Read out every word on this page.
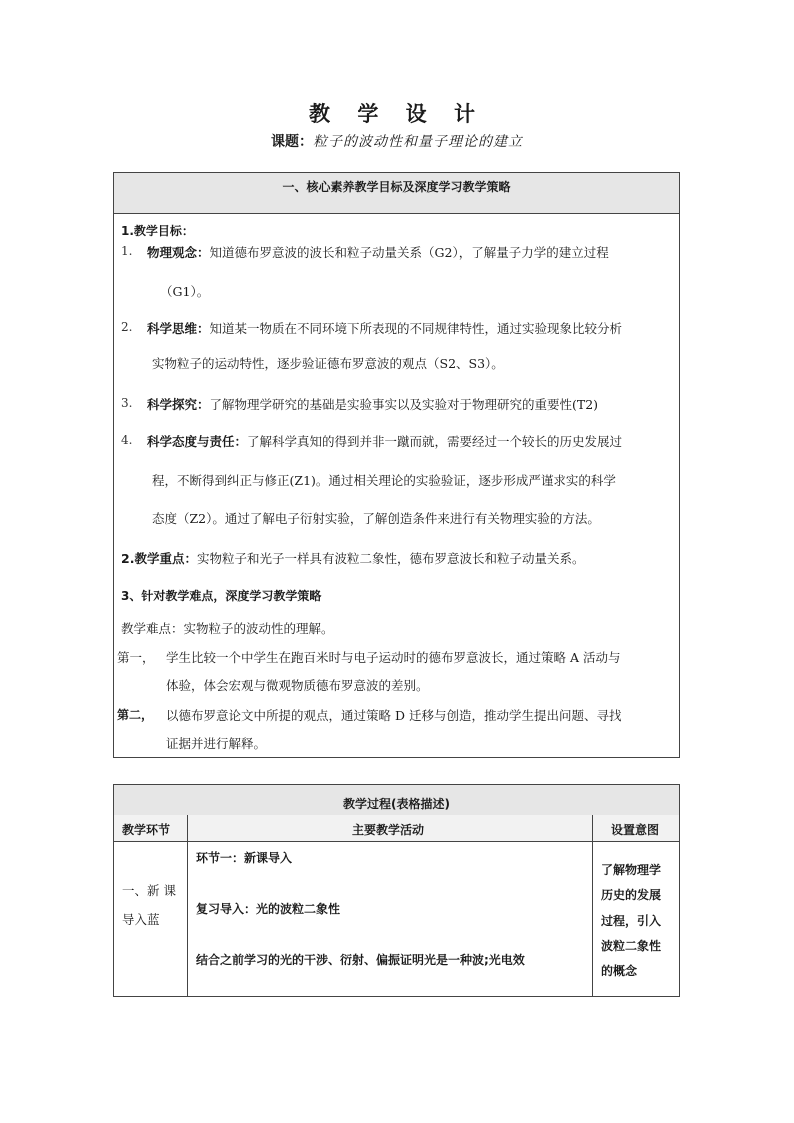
教 学 设 计
课题：粒子的波动性和量子理论的建立
一、核心素养教学目标及深度学习教学策略
1.教学目标：
1. 物理观念：知道德布罗意波的波长和粒子动量关系（G2），了解量子力学的建立过程
（G1）。
2. 科学思维：知道某一物质在不同环境下所表现的不同规律特性，通过实验现象比较分析
实物粒子的运动特性，逐步验证德布罗意波的观点（S2、S3）。
3. 科学探究：了解物理学研究的基础是实验事实以及实验对于物理研究的重要性(T2)
4. 科学态度与责任：了解科学真知的得到并非一蹴而就，需要经过一个较长的历史发展过
程，不断得到纠正与修正(Z1)。通过相关理论的实验验证，逐步形成严谨求实的科学
态度（Z2）。通过了解电子衍射实验，了解创造条件来进行有关物理实验的方法。
2.教学重点：实物粒子和光子一样具有波粒二象性，德布罗意波长和粒子动量关系。
3、针对教学难点，深度学习教学策略
教学难点：实物粒子的波动性的理解。
第一， 学生比较一个中学生在跑百米时与电子运动时的德布罗意波长，通过策略 A 活动与
体验，体会宏观与微观物质德布罗意波的差别。
第二， 以德布罗意论文中所提的观点，通过策略 D 迁移与创造，推动学生提出问题、寻找
证据并进行解释。
教学过程(表格描述)
教学环节	主要教学活动	设置意图
一、新 课
导入蓝
环节一：新课导入
复习导入：光的波粒二象性
结合之前学习的光的干涉、衍射、偏振证明光是一种波;光电效
了解物理学
历史的发展
过程，引入
波粒二象性
的概念
